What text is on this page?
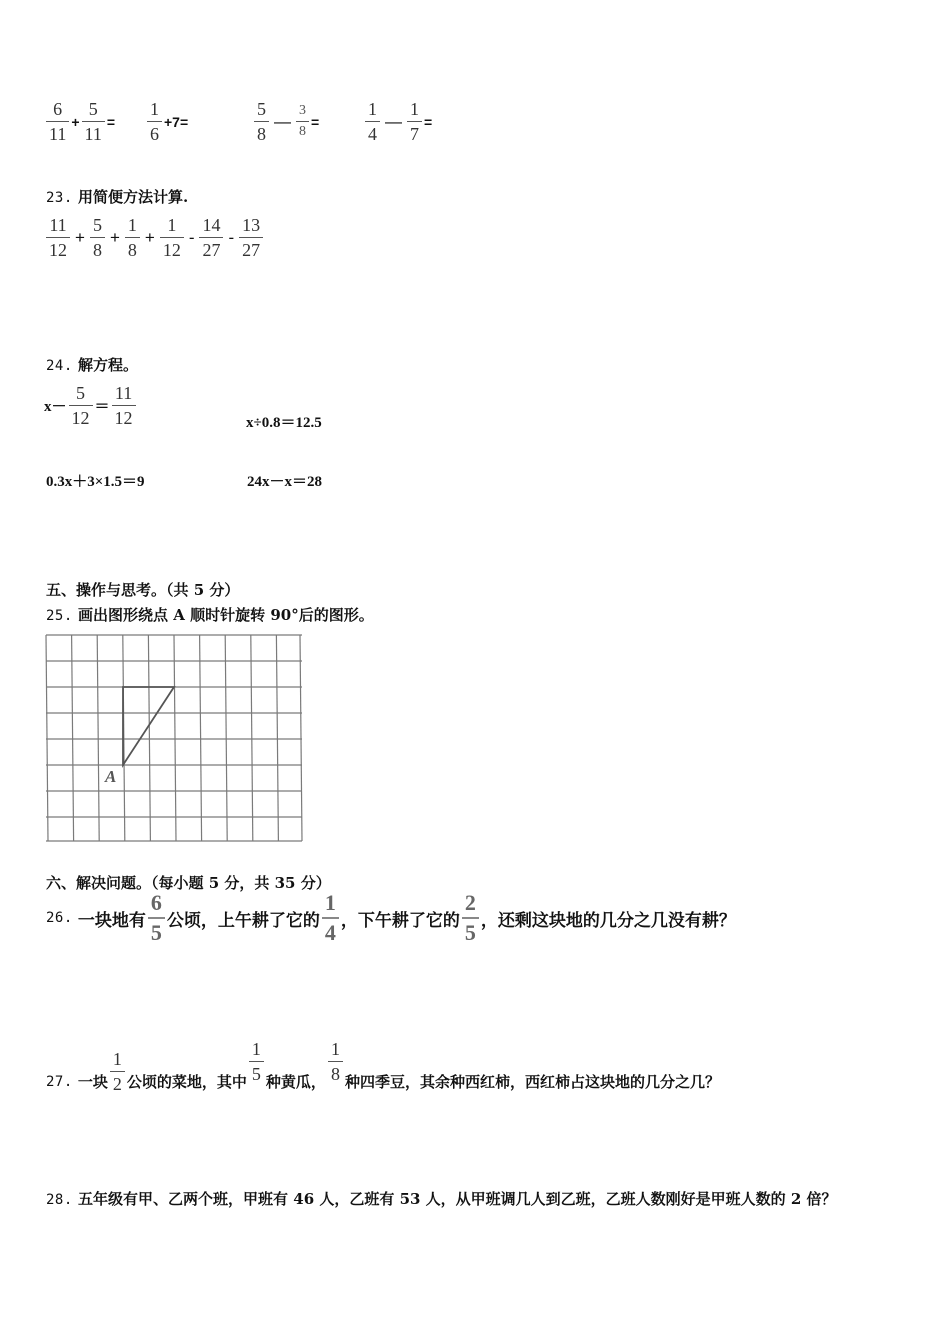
$\frac{6}{11} + \frac{5}{11} = \frac{1}{6} +7=$	$\frac{5}{8}$ — $\frac{3}{8}$ =	$\frac{1}{4}$ — $\frac{1}{7}$ =
23. 用简便方法计算.
$\frac{11}{12} + \frac{5}{8} + \frac{1}{8} + \frac{1}{12} - \frac{14}{27} - \frac{13}{27}$
24. 解方程。
$x- \frac{5}{12} = \frac{11}{12}$	x÷0.8＝12.5
0.3x＋3×1.5＝9	24x－x＝28
五、操作与思考。（共 5 分）
25. 画出图形绕点 A 顺时针旋转 90°后的图形。
A
六、解决问题。（每小题 5 分，共 35 分）
26.
一块地有 $\frac{6}{5}$ 公顷，上午耕了它的 $\frac{1}{4}$ ，下午耕了它的 $\frac{2}{5}$ ，还剩这块地的几分之几没有耕？
27.
一块 $\frac{1}{2}$ 公顷的菜地，其中 $\frac{1}{5}$ 种黄瓜， $\frac{1}{8}$ 种四季豆，其余种西红柿，西红柿占这块地的几分之几？
28. 五年级有甲、乙两个班，甲班有 46 人，乙班有 53 人，从甲班调几人到乙班，乙班人数刚好是甲班人数的 2 倍？
